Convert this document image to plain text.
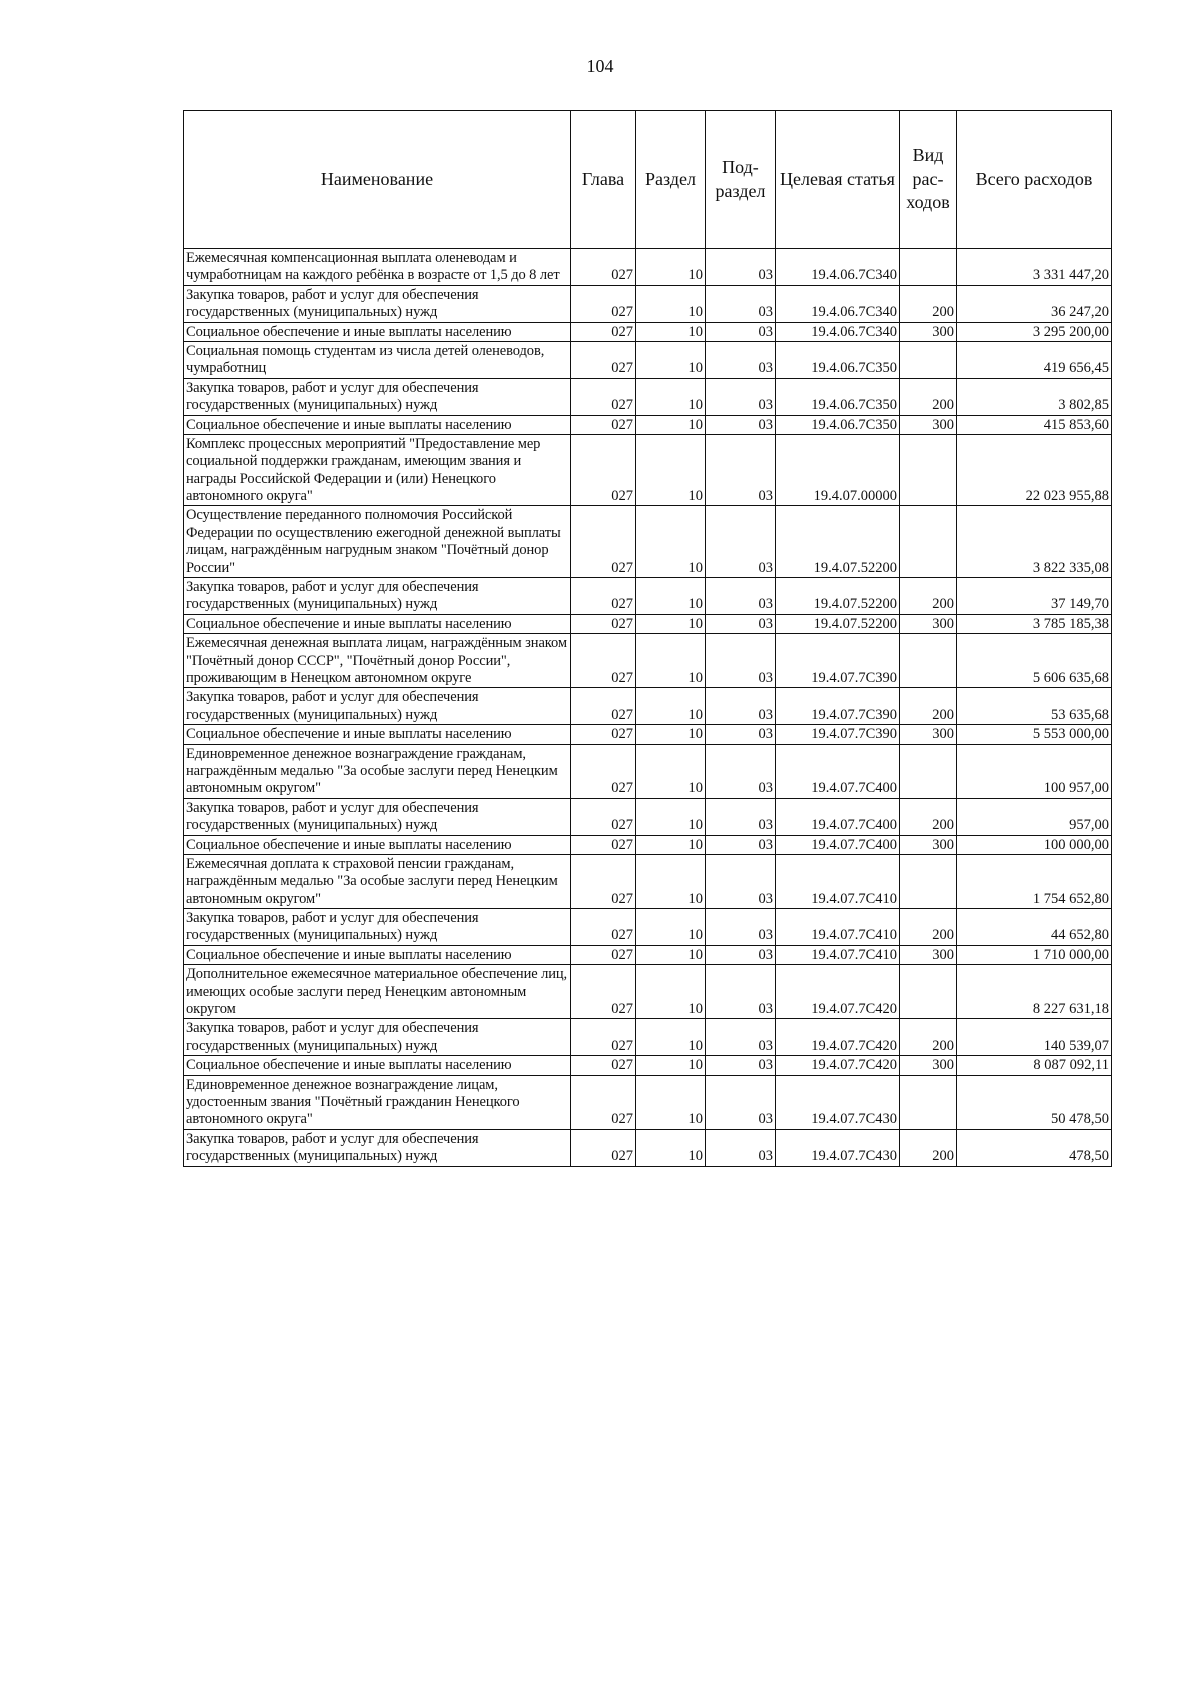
104
Наименование	Глава	Раздел	Под-раздел	Целевая статья	Вид рас-ходов	Всего расходов
Ежемесячная компенсационная выплата оленеводам и чумработницам на каждого ребёнка в возрасте от 1,5 до 8 лет	027	10	03	19.4.06.7С340		3 331 447,20
Закупка товаров, работ и услуг для обеспечения государственных (муниципальных) нужд	027	10	03	19.4.06.7С340	200	36 247,20
Социальное обеспечение и иные выплаты населению	027	10	03	19.4.06.7С340	300	3 295 200,00
Социальная помощь студентам из числа детей оленеводов, чумработниц	027	10	03	19.4.06.7С350		419 656,45
Закупка товаров, работ и услуг для обеспечения государственных (муниципальных) нужд	027	10	03	19.4.06.7С350	200	3 802,85
Социальное обеспечение и иные выплаты населению	027	10	03	19.4.06.7С350	300	415 853,60
Комплекс процессных мероприятий "Предоставление мер социальной поддержки гражданам, имеющим звания и награды Российской Федерации и (или) Ненецкого автономного округа"	027	10	03	19.4.07.00000		22 023 955,88
Осуществление переданного полномочия Российской Федерации по осуществлению ежегодной денежной выплаты лицам, награждённым нагрудным знаком "Почётный донор России"	027	10	03	19.4.07.52200		3 822 335,08
Закупка товаров, работ и услуг для обеспечения государственных (муниципальных) нужд	027	10	03	19.4.07.52200	200	37 149,70
Социальное обеспечение и иные выплаты населению	027	10	03	19.4.07.52200	300	3 785 185,38
Ежемесячная денежная выплата лицам, награждённым знаком "Почётный донор СССР", "Почётный донор России", проживающим в Ненецком автономном округе	027	10	03	19.4.07.7С390		5 606 635,68
Закупка товаров, работ и услуг для обеспечения государственных (муниципальных) нужд	027	10	03	19.4.07.7С390	200	53 635,68
Социальное обеспечение и иные выплаты населению	027	10	03	19.4.07.7С390	300	5 553 000,00
Единовременное денежное вознаграждение гражданам, награждённым медалью "За особые заслуги перед Ненецким автономным округом"	027	10	03	19.4.07.7С400		100 957,00
Закупка товаров, работ и услуг для обеспечения государственных (муниципальных) нужд	027	10	03	19.4.07.7С400	200	957,00
Социальное обеспечение и иные выплаты населению	027	10	03	19.4.07.7С400	300	100 000,00
Ежемесячная доплата к страховой пенсии гражданам, награждённым медалью "За особые заслуги перед Ненецким автономным округом"	027	10	03	19.4.07.7С410		1 754 652,80
Закупка товаров, работ и услуг для обеспечения государственных (муниципальных) нужд	027	10	03	19.4.07.7С410	200	44 652,80
Социальное обеспечение и иные выплаты населению	027	10	03	19.4.07.7С410	300	1 710 000,00
Дополнительное ежемесячное материальное обеспечение лиц, имеющих особые заслуги перед Ненецким автономным округом	027	10	03	19.4.07.7С420		8 227 631,18
Закупка товаров, работ и услуг для обеспечения государственных (муниципальных) нужд	027	10	03	19.4.07.7С420	200	140 539,07
Социальное обеспечение и иные выплаты населению	027	10	03	19.4.07.7С420	300	8 087 092,11
Единовременное денежное вознаграждение лицам, удостоенным звания "Почётный гражданин Ненецкого автономного округа"	027	10	03	19.4.07.7С430		50 478,50
Закупка товаров, работ и услуг для обеспечения государственных (муниципальных) нужд	027	10	03	19.4.07.7С430	200	478,50
